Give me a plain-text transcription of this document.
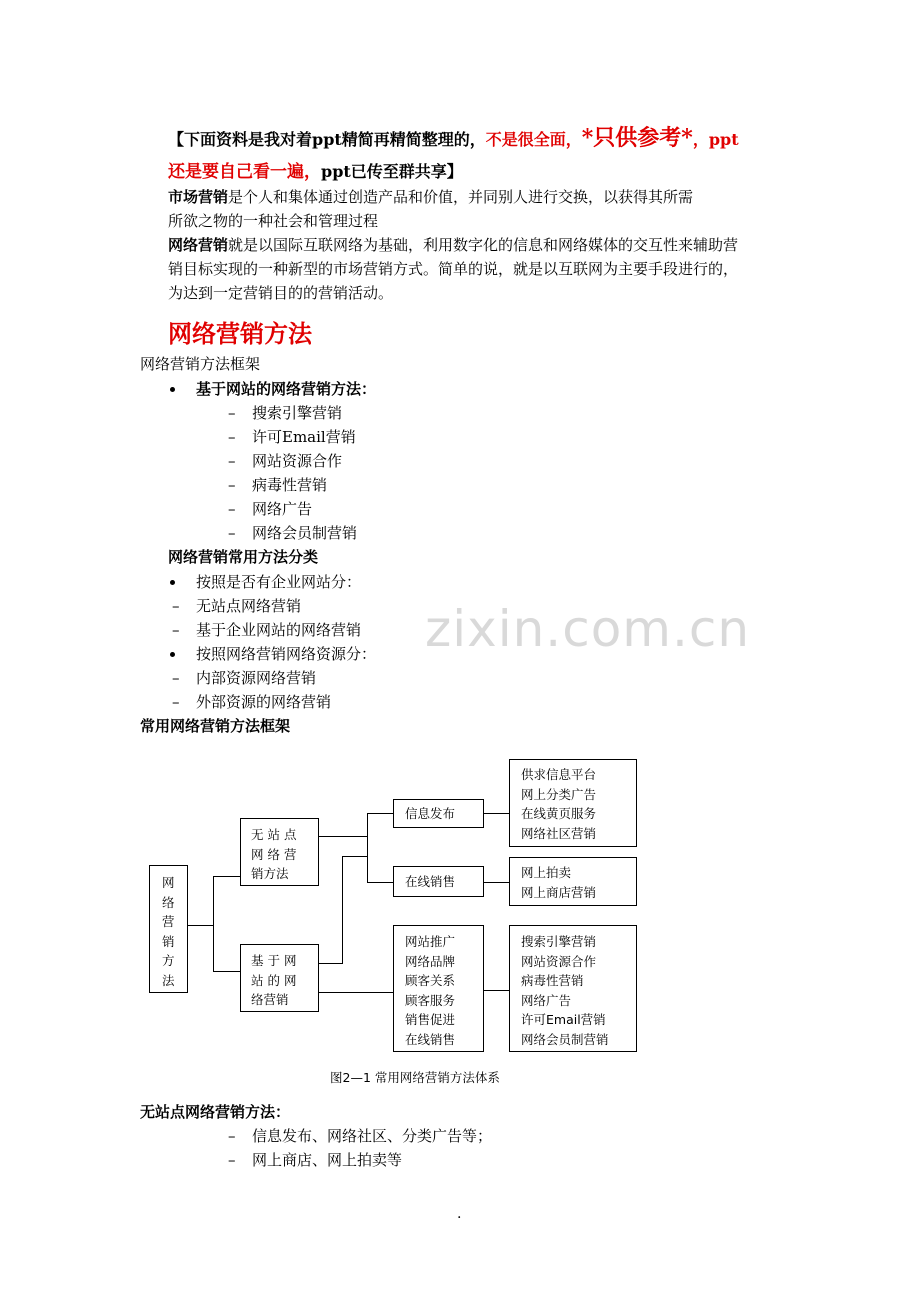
zixin.com.cn
【下面资料是我对着ppt精简再精简整理的，不是很全面，*只供参考*，ppt
还是要自己看一遍，ppt已传至群共享】
市场营销是个人和集体通过创造产品和价值，并同别人进行交换，以获得其所需
所欲之物的一种社会和管理过程
网络营销就是以国际互联网络为基础，利用数字化的信息和网络媒体的交互性来辅助营
销目标实现的一种新型的市场营销方式。简单的说，就是以互联网为主要手段进行的，
为达到一定营销目的的营销活动。
网络营销方法
网络营销方法框架
基于网站的网络营销方法：
– 搜索引擎营销
– 许可Email营销
– 网站资源合作
– 病毒性营销
– 网络广告
– 网络会员制营销
网络营销常用方法分类
按照是否有企业网站分：
– 无站点网络营销
– 基于企业网站的网络营销
按照网络营销网络资源分：
– 内部资源网络营销
– 外部资源的网络营销
常用网络营销方法框架
网
络
营
销
方
法
无 站 点
网 络 营
销方法
基 于 网
站 的 网
络营销
信息发布
在线销售
网站推广
网络品牌
顾客关系
顾客服务
销售促进
在线销售
供求信息平台
网上分类广告
在线黄页服务
网络社区营销
网上拍卖
网上商店营销
搜索引擎营销
网站资源合作
病毒性营销
网络广告
许可Email营销
网络会员制营销
图2—1 常用网络营销方法体系
无站点网络营销方法：
– 信息发布、网络社区、分类广告等；
– 网上商店、网上拍卖等
.
